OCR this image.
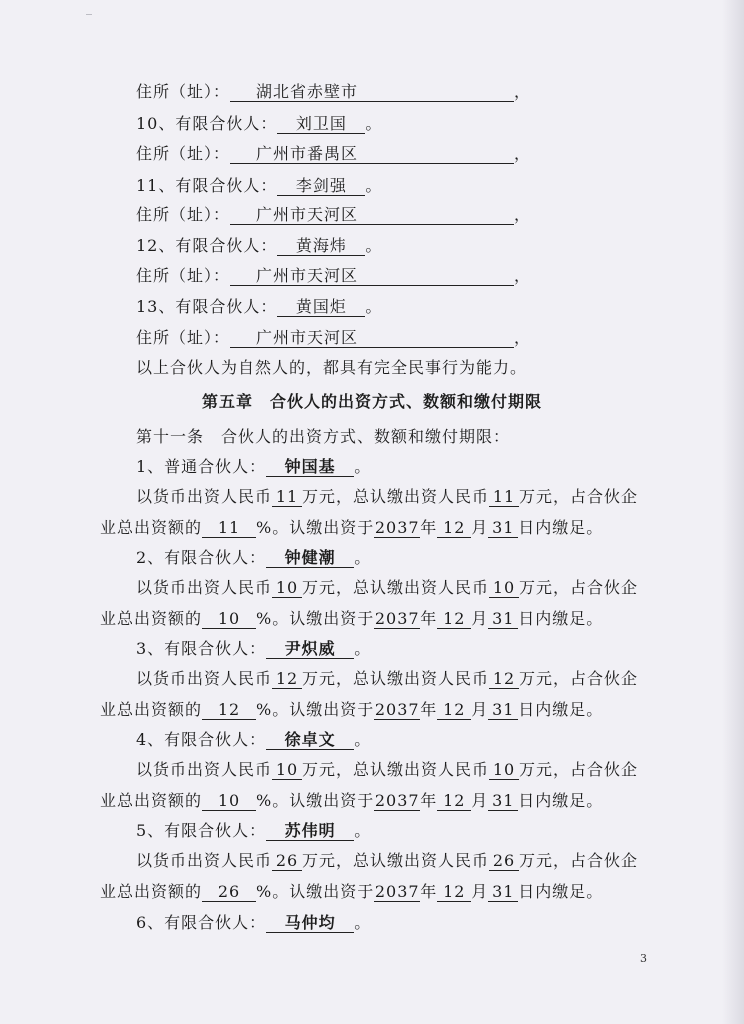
住所（址）： 湖北省赤壁市	，
10、有限合伙人： 刘卫国 。
住所（址）： 广州市番禺区	，
11、有限合伙人： 李剑强 。
住所（址）： 广州市天河区	，
12、有限合伙人： 黄海炜 。
住所（址）： 广州市天河区	，
13、有限合伙人： 黄国炬 。
住所（址）： 广州市天河区	，
以上合伙人为自然人的，都具有完全民事行为能力。
第五章　合伙人的出资方式、数额和缴付期限
第十一条　合伙人的出资方式、数额和缴付期限：
1、普通合伙人： 钟国基 。
以货币出资人民币 11 万元，总认缴出资人民币 11 万元，占合伙企
业总出资额的 11 %。认缴出资于2037年 12 月 31 日内缴足。
2、有限合伙人： 钟健潮 。
以货币出资人民币 10 万元，总认缴出资人民币 10 万元，占合伙企
业总出资额的 10 %。认缴出资于2037年 12 月 31 日内缴足。
3、有限合伙人： 尹炽威 。
以货币出资人民币 12 万元，总认缴出资人民币 12 万元，占合伙企
业总出资额的 12 %。认缴出资于2037年 12 月 31 日内缴足。
4、有限合伙人： 徐卓文 。
以货币出资人民币 10 万元，总认缴出资人民币 10 万元，占合伙企
业总出资额的 10 %。认缴出资于2037年 12 月 31 日内缴足。
5、有限合伙人： 苏伟明 。
以货币出资人民币 26 万元，总认缴出资人民币 26 万元，占合伙企
业总出资额的 26 %。认缴出资于2037年 12 月 31 日内缴足。
6、有限合伙人： 马仲均 。
3
